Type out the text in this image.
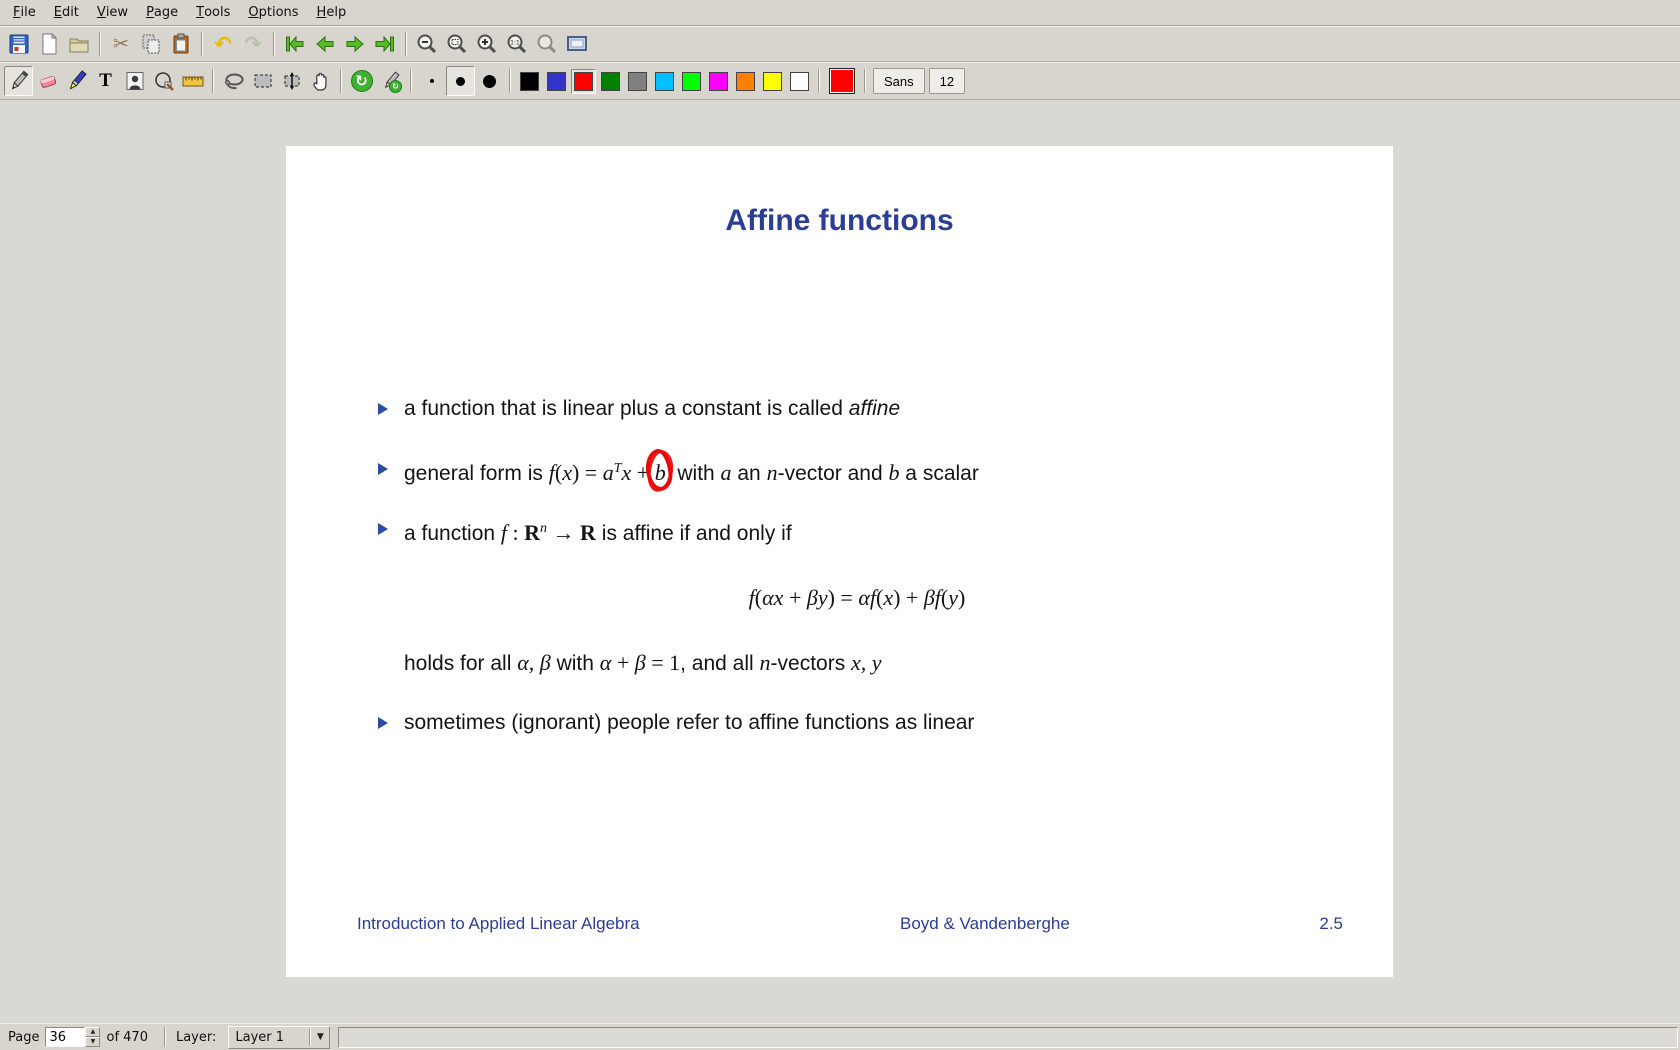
F ile	E dit	V iew	P age	T ools	O ptions	H elp
✂	↶ ↷	1:1
T	↻	↻	Sans	12
Affine functions
a function that is linear plus a constant is called affine
general form is $f(x) = a^Tx + b$, with a an n-vector and b a scalar
a function f : $R^n \to R$ is affine if and only if
f(αx + βy) = αf(x) + βf(y)
holds for all α, β with α + β = 1, and all n-vectors x, y
sometimes (ignorant) people refer to affine functions as linear
Introduction to Applied Linear Algebra	Boyd & Vandenberghe	2.5
Page
36	▲
▼ of 470 Layer:	Layer 1	▼
